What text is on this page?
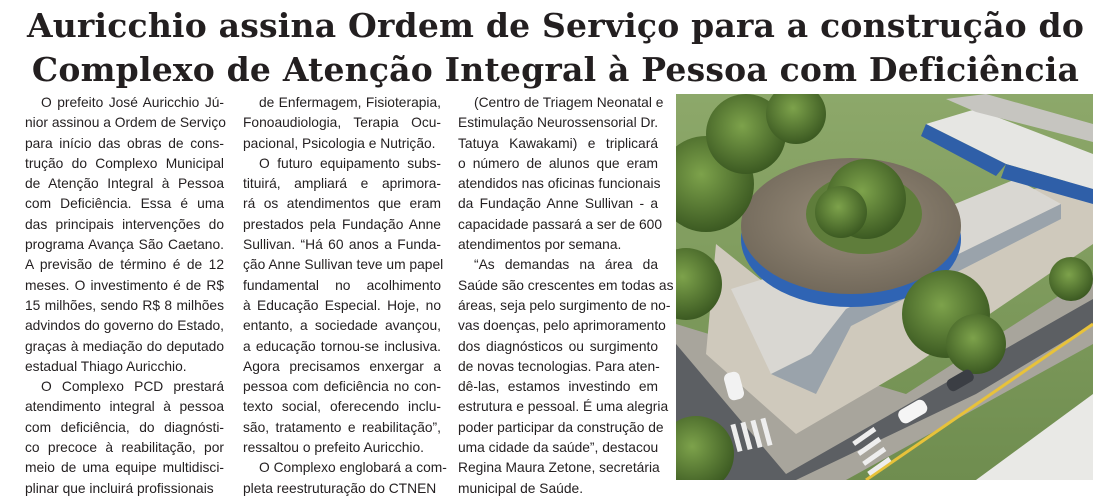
Auricchio assina Ordem de Serviço para a construção do
Complexo de Atenção Integral à Pessoa com Deficiência
O prefeito José Auricchio Jú-
nior assinou a Ordem de Serviço
para início das obras de cons-
trução do Complexo Municipal
de Atenção Integral à Pessoa
com Deficiência. Essa é uma
das principais intervenções do
programa Avança São Caetano.
A previsão de término é de 12
meses. O investimento é de R$
15 milhões, sendo R$ 8 milhões
advindos do governo do Estado,
graças à mediação do deputado
estadual Thiago Auricchio.
O Complexo PCD prestará
atendimento integral à pessoa
com deficiência, do diagnósti-
co precoce à reabilitação, por
meio de uma equipe multidisci-
plinar que incluirá profissionais
de Enfermagem, Fisioterapia,
Fonoaudiologia, Terapia Ocu-
pacional, Psicologia e Nutrição.
O futuro equipamento subs-
tituirá, ampliará e aprimora-
rá os atendimentos que eram
prestados pela Fundação Anne
Sullivan. “Há 60 anos a Funda-
ção Anne Sullivan teve um papel
fundamental no acolhimento
à Educação Especial. Hoje, no
entanto, a sociedade avançou,
a educação tornou-se inclusiva.
Agora precisamos enxergar a
pessoa com deficiência no con-
texto social, oferecendo inclu-
são, tratamento e reabilitação”,
ressaltou o prefeito Auricchio.
O Complexo englobará a com-
pleta reestruturação do CTNEN
(Centro de Triagem Neonatal e
Estimulação Neurossensorial Dr.
Tatuya Kawakami) e triplicará
o número de alunos que eram
atendidos nas oficinas funcionais
da Fundação Anne Sullivan - a
capacidade passará a ser de 600
atendimentos por semana.
“As demandas na área da
Saúde são crescentes em todas as
áreas, seja pelo surgimento de no-
vas doenças, pelo aprimoramento
dos diagnósticos ou surgimento
de novas tecnologias. Para aten-
dê-las, estamos investindo em
estrutura e pessoal. É uma alegria
poder participar da construção de
uma cidade da saúde”, destacou
Regina Maura Zetone, secretária
municipal de Saúde.
